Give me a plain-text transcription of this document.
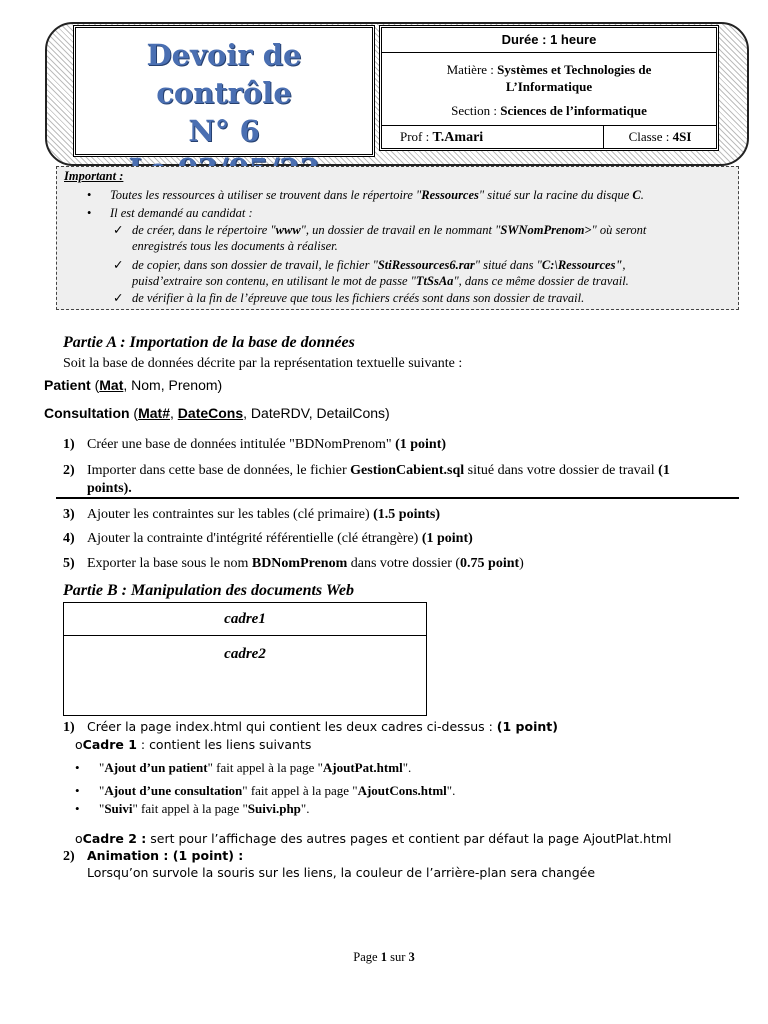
Devoir de contrôle
N° 6
Durée : 1 heure
Matière : Systèmes et Technologies de
L’Informatique
Section : Sciences de l’informatique
Prof : T.Amari	Classe : 4SI
Important :
• Toutes les ressources à utiliser se trouvent dans le répertoire "Ressources" situé sur la racine du disque C.
• Il est demandé au candidat :
✓ de créer, dans le répertoire "www", un dossier de travail en le nommant "SWNomPrenom>" où seront
enregistrés tous les documents à réaliser.
✓ de copier, dans son dossier de travail, le fichier "StiRessources6.rar" situé dans "C:\Ressources",
puisd’extraire son contenu, en utilisant le mot de passe "TtSsAa", dans ce même dossier de travail.
✓ de vérifier à la fin de l’épreuve que tous les fichiers créés sont dans son dossier de travail.
Partie A : Importation de la base de données
Soit la base de données décrite par la représentation textuelle suivante :
Patient (Mat, Nom, Prenom)
Consultation (Mat#, DateCons, DateRDV, DetailCons)
1) Créer une base de données intitulée "BDNomPrenom" (1 point)
2) Importer dans cette base de données, le fichier GestionCabient.sql situé dans votre dossier de travail (1
points).
3) Ajouter les contraintes sur les tables (clé primaire) (1.5 points)
4) Ajouter la contrainte d'intégrité référentielle (clé étrangère) (1 point)
5) Exporter la base sous le nom BDNomPrenom dans votre dossier (0.75 point)
Partie B : Manipulation des documents Web
cadre1
cadre2
1) Créer la page index.html qui contient les deux cadres ci-dessus : (1 point)
oCadre 1 : contient les liens suivants
• "Ajout d’un patient" fait appel à la page "AjoutPat.html".
• "Ajout d’une consultation" fait appel à la page "AjoutCons.html".
• "Suivi" fait appel à la page "Suivi.php".
oCadre 2 : sert pour l’affichage des autres pages et contient par défaut la page AjoutPlat.html
2) Animation : (1 point) :
Lorsqu’on survole la souris sur les liens, la couleur de l’arrière-plan sera changée
Page 1 sur 3
